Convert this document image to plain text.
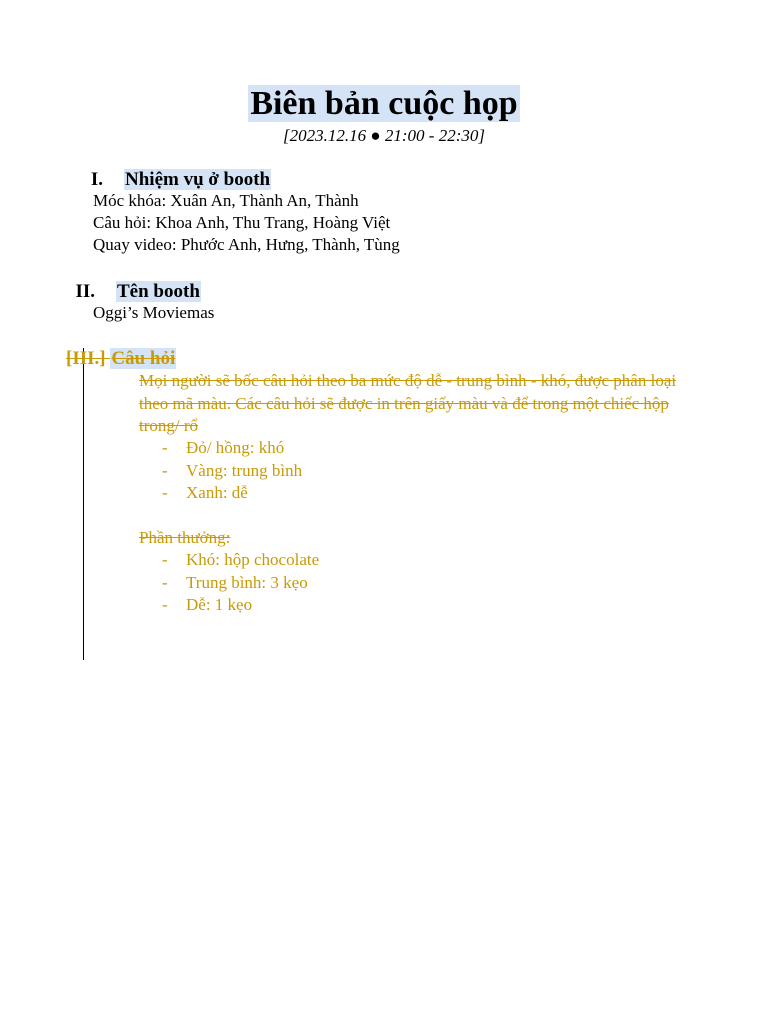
Biên bản cuộc họp
[2023.12.16 ● 21:00 - 22:30]
I. Nhiệm vụ ở booth
Móc khóa: Xuân An, Thành An, Thành
Câu hỏi: Khoa Anh, Thu Trang, Hoàng Việt
Quay video: Phước Anh, Hưng, Thành, Tùng
II. Tên booth
Oggi’s Moviemas
[III.] Câu hỏi
Mọi người sẽ bốc câu hỏi theo ba mức độ dễ - trung bình - khó, được phân loại theo mã màu. Các câu hỏi sẽ được in trên giấy màu và để trong một chiếc hộp trong/ rổ
- Đỏ/ hồng: khó
- Vàng: trung bình
- Xanh: dễ
Phần thưởng:
- Khó: hộp chocolate
- Trung bình: 3 kẹo
- Dễ: 1 kẹo
